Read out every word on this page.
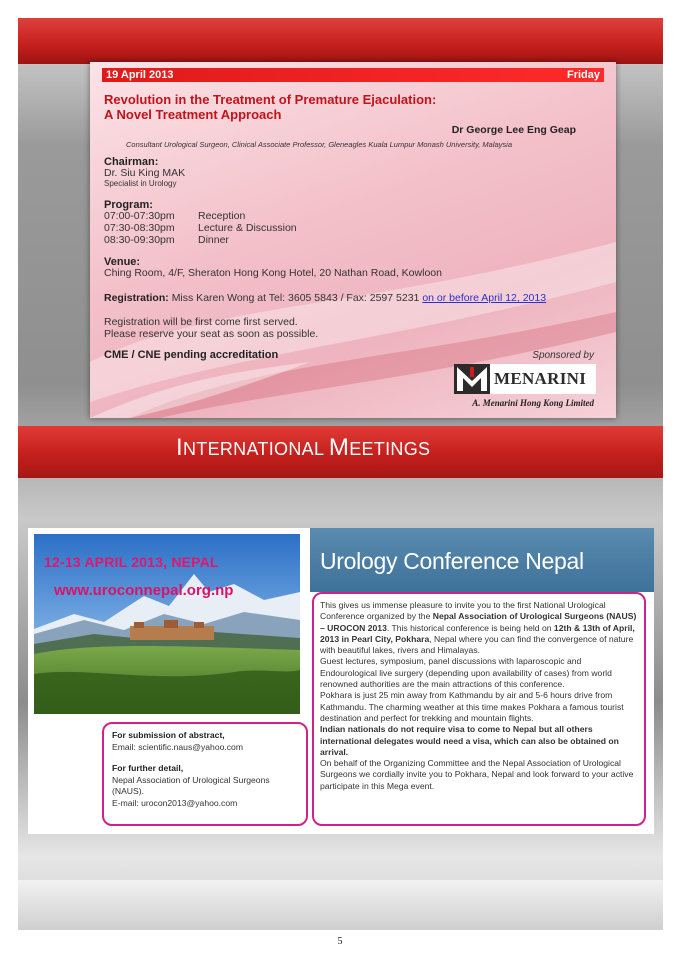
INTERNATIONAL MEETINGS
19 April 2013	Friday
Revolution in the Treatment of Premature Ejaculation:
A Novel Treatment Approach
Dr George Lee Eng Geap
Consultant Urological Surgeon, Clinical Associate Professor, Gleneagles Kuala Lumpur Monash University, Malaysia
Chairman:
Dr. Siu King MAK
Specialist in Urology
Program:
07:00-07:30pm Reception
07:30-08:30pm Lecture & Discussion
08:30-09:30pm Dinner
Venue:
Ching Room, 4/F, Sheraton Hong Kong Hotel, 20 Nathan Road, Kowloon
Registration: Miss Karen Wong at Tel: 3605 5843 / Fax: 2597 5231 on or before April 12, 2013
Registration will be first come first served.
Please reserve your seat as soon as possible.
CME / CNE pending accreditation	Sponsored by
MENARINI
A. Menarini Hong Kong Limited
12-13 APRIL 2013, NEPAL
www.uroconnepal.org.np
Urology Conference Nepal

This gives us immense pleasure to invite you to the first National Urological Conference organized by the Nepal Association of Urological Surgeons (NAUS) – UROCON 2013. This historical conference is being held on 12th & 13th of April, 2013 in Pearl City, Pokhara, Nepal where you can find the convergence of nature with beautiful lakes, rivers and Himalayas.

Guest lectures, symposium, panel discussions with laparoscopic and Endourological live surgery (depending upon availability of cases) from world renowned authorities are the main attractions of this conference.

Pokhara is just 25 min away from Kathmandu by air and 5-6 hours drive from Kathmandu. The charming weather at this time makes Pokhara a famous tourist destination and perfect for trekking and mountain flights.

Indian nationals do not require visa to come to Nepal but all others international delegates would need a visa, which can also be obtained on arrival.

On behalf of the Organizing Committee and the Nepal Association of Urological Surgeons we cordially invite you to Pokhara, Nepal and look forward to your active participate in this Mega event.

For submission of abstract,
Email: scientific.naus@yahoo.com
For further detail,
Nepal Association of Urological Surgeons (NAUS).
E-mail: urocon2013@yahoo.com
5
